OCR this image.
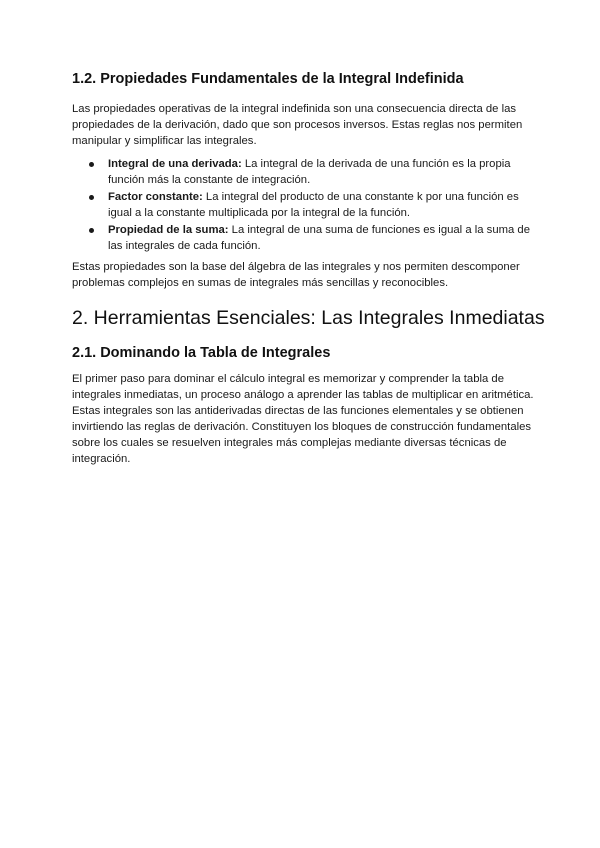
1.2. Propiedades Fundamentales de la Integral Indefinida

Las propiedades operativas de la integral indefinida son una consecuencia directa de las
propiedades de la derivación, dado que son procesos inversos. Estas reglas nos permiten
manipular y simplificar las integrales.

Integral de una derivada: La integral de la derivada de una función es la propia
función más la constante de integración.
Factor constante: La integral del producto de una constante k por una función es
igual a la constante multiplicada por la integral de la función.
Propiedad de la suma: La integral de una suma de funciones es igual a la suma de
las integrales de cada función.

Estas propiedades son la base del álgebra de las integrales y nos permiten descomponer
problemas complejos en sumas de integrales más sencillas y reconocibles.

2. Herramientas Esenciales: Las Integrales Inmediatas
2.1. Dominando la Tabla de Integrales

El primer paso para dominar el cálculo integral es memorizar y comprender la tabla de
integrales inmediatas, un proceso análogo a aprender las tablas de multiplicar en aritmética.
Estas integrales son las antiderivadas directas de las funciones elementales y se obtienen
invirtiendo las reglas de derivación. Constituyen los bloques de construcción fundamentales
sobre los cuales se resuelven integrales más complejas mediante diversas técnicas de
integración.
